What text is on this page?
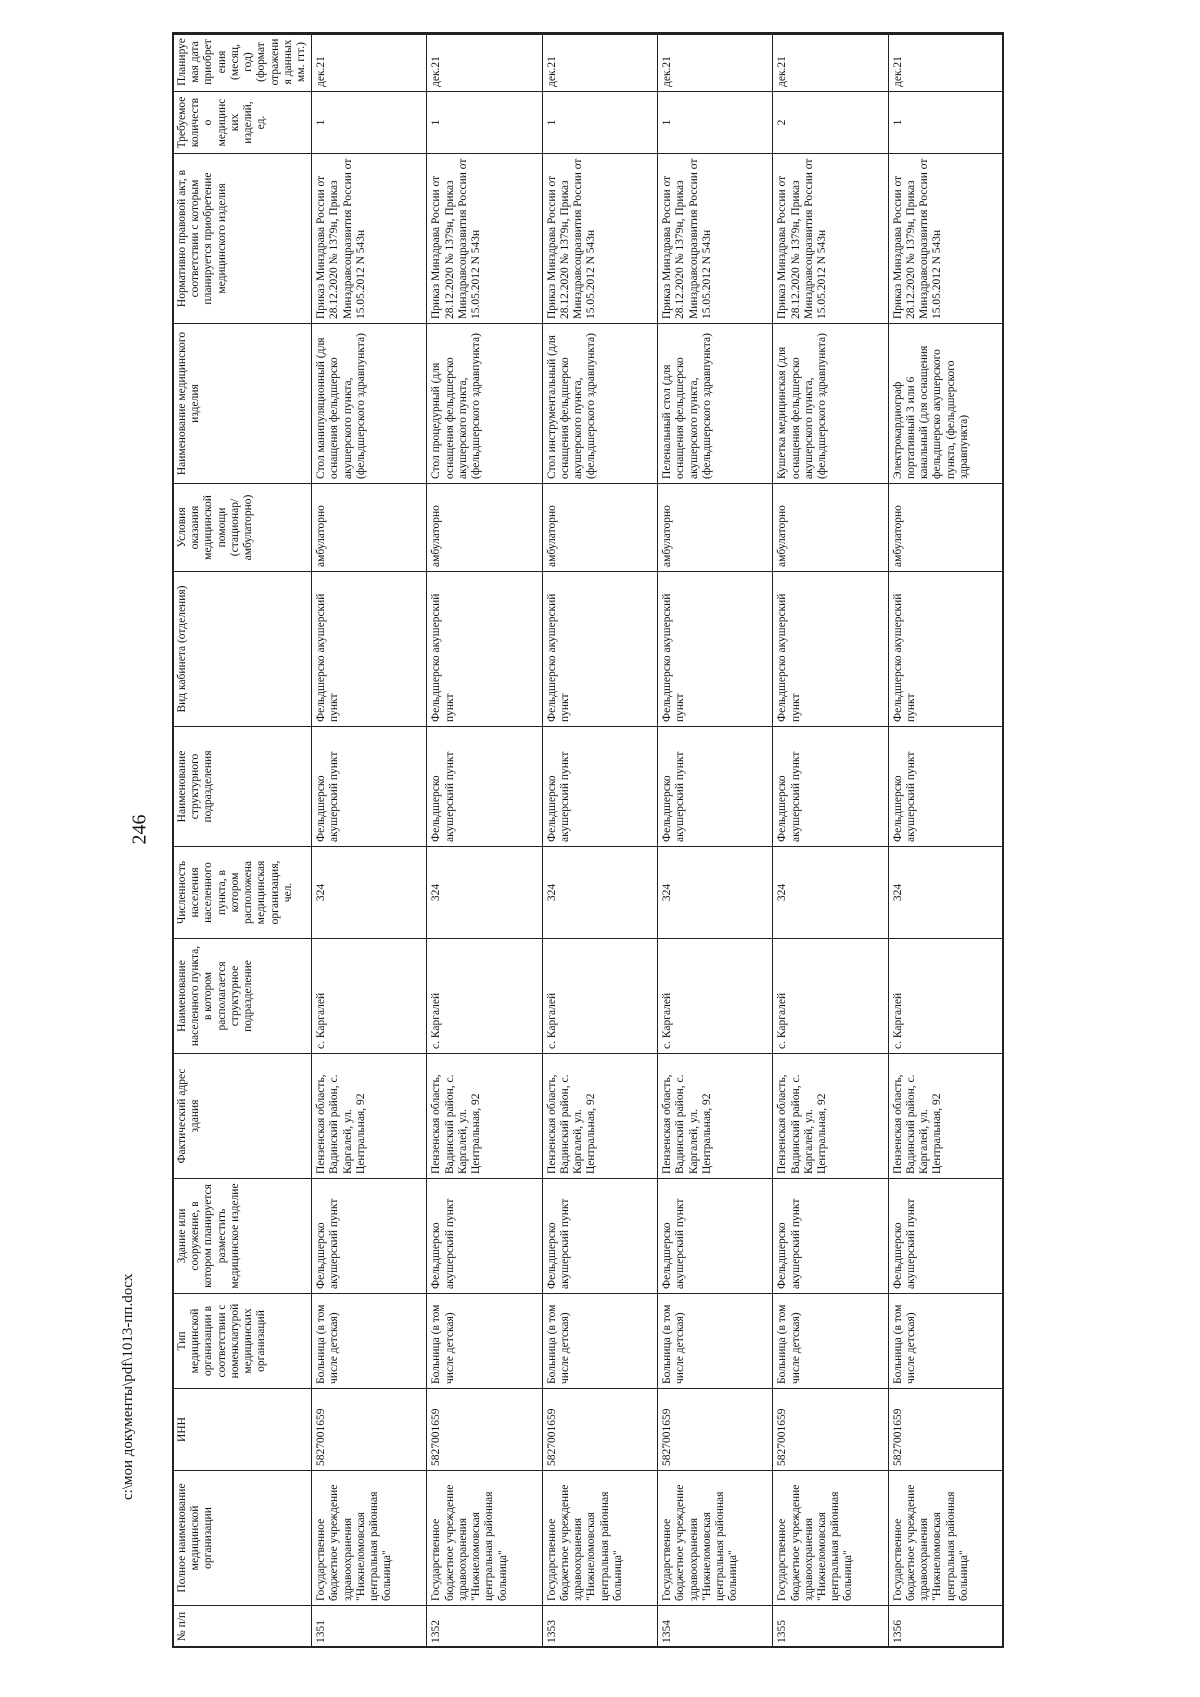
246
№ п/п	Полное наименование медицинской организации	ИНН	Тип медицинской организации в соответствии с номенклатурой медицинских организаций	Здание или сооружение, в котором планируется разместить медицинское изделие	Фактический адрес здания	Наименование населенного пункта, в котором располагается структурное подразделение	Численность населения населенного пункта, в котором расположена медицинская организация, чел.	Наименование структурного подразделения	Вид кабинета (отделения)	Условия оказания медицинской помощи (стационар/ амбулаторно)	Наименование медицинского изделия	Нормативно правовой акт, в соответствии с которым планируется приобретение медицинского изделия	Требуемое количество медицинских изделий, ед.	Планируемая дата приобретения (месяц, год) (формат отражения данных мм. ггг.)
1351	Государственное бюджетное учреждение здравоохранения "Нижнеломовская центральная районная больница"	5827001659	Больница (в том числе детская)	Фельдшерско акушерский пункт	Пензенская область, Вадинский район, с. Каргалей, ул. Центральная, 92	с. Каргалей	324	Фельдшерско акушерский пункт	Фельдшерско акушерский пункт	амбулаторно	Стол манипуляционный (для оснащения фельдшерско акушерского пункта, (фельдшерского здравпункта)	Приказ Минздрава России от 28.12.2020 № 1379н, Приказ Минздравсоцразвития России от 15.05.2012 N 543н	1	дек.21
1352	Государственное бюджетное учреждение здравоохранения "Нижнеломовская центральная районная больница"	5827001659	Больница (в том числе детская)	Фельдшерско акушерский пункт	Пензенская область, Вадинский район, с. Каргалей, ул. Центральная, 92	с. Каргалей	324	Фельдшерско акушерский пункт	Фельдшерско акушерский пункт	амбулаторно	Стол процедурный (для оснащения фельдшерско акушерского пункта, (фельдшерского здравпункта)	Приказ Минздрава России от 28.12.2020 № 1379н, Приказ Минздравсоцразвития России от 15.05.2012 N 543н	1	дек.21
1353	Государственное бюджетное учреждение здравоохранения "Нижнеломовская центральная районная больница"	5827001659	Больница (в том числе детская)	Фельдшерско акушерский пункт	Пензенская область, Вадинский район, с. Каргалей, ул. Центральная, 92	с. Каргалей	324	Фельдшерско акушерский пункт	Фельдшерско акушерский пункт	амбулаторно	Стол инструментальный (для оснащения фельдшерско акушерского пункта, (фельдшерского здравпункта)	Приказ Минздрава России от 28.12.2020 № 1379н, Приказ Минздравсоцразвития России от 15.05.2012 N 543н	1	дек.21
1354	Государственное бюджетное учреждение здравоохранения "Нижнеломовская центральная районная больница"	5827001659	Больница (в том числе детская)	Фельдшерско акушерский пункт	Пензенская область, Вадинский район, с. Каргалей, ул. Центральная, 92	с. Каргалей	324	Фельдшерско акушерский пункт	Фельдшерско акушерский пункт	амбулаторно	Пеленальный стол (для оснащения фельдшерско акушерского пункта, (фельдшерского здравпункта)	Приказ Минздрава России от 28.12.2020 № 1379н, Приказ Минздравсоцразвития России от 15.05.2012 N 543н	1	дек.21
1355	Государственное бюджетное учреждение здравоохранения "Нижнеломовская центральная районная больница"	5827001659	Больница (в том числе детская)	Фельдшерско акушерский пункт	Пензенская область, Вадинский район, с. Каргалей, ул. Центральная, 92	с. Каргалей	324	Фельдшерско акушерский пункт	Фельдшерско акушерский пункт	амбулаторно	Кушетка медицинская (для оснащения фельдшерско акушерского пункта, (фельдшерского здравпункта)	Приказ Минздрава России от 28.12.2020 № 1379н, Приказ Минздравсоцразвития России от 15.05.2012 N 543н	2	дек.21
1356	Государственное бюджетное учреждение здравоохранения "Нижнеломовская центральная районная больница"	5827001659	Больница (в том числе детская)	Фельдшерско акушерский пункт	Пензенская область, Вадинский район, с. Каргалей, ул. Центральная, 92	с. Каргалей	324	Фельдшерско акушерский пункт	Фельдшерско акушерский пункт	амбулаторно	Электрокардиограф портативный 3 или 6 канальный (для оснащения фельдшерско акушерского пункта, (фельдшерского здравпункта)	Приказ Минздрава России от 28.12.2020 № 1379н, Приказ Минздравсоцразвития России от 15.05.2012 N 543н	1	дек.21
c:\мои документы\pdf\1013-пп.docx
